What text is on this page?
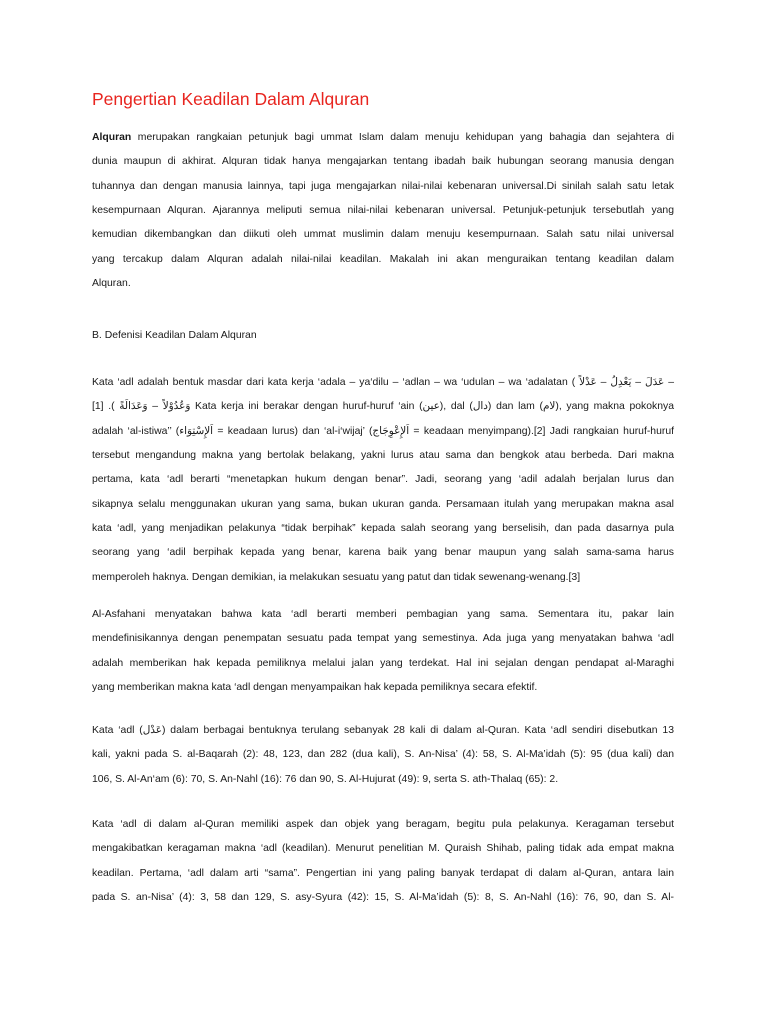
Pengertian Keadilan Dalam Alquran
Alquran merupakan rangkaian petunjuk bagi ummat Islam dalam menuju kehidupan yang bahagia dan sejahtera di
dunia maupun di akhirat. Alquran tidak hanya mengajarkan tentang ibadah baik hubungan seorang manusia dengan
tuhannya dan dengan manusia lainnya, tapi juga mengajarkan nilai-nilai kebenaran universal.Di sinilah salah satu letak
kesempurnaan Alquran. Ajarannya meliputi semua nilai-nilai kebenaran universal. Petunjuk-petunjuk tersebutlah yang
kemudian dikembangkan dan diikuti oleh ummat muslimin dalam menuju kesempurnaan. Salah satu nilai universal
yang tercakup dalam Alquran adalah nilai-nilai keadilan. Makalah ini akan menguraikan tentang keadilan dalam
Alquran.
B. Defenisi Keadilan Dalam Alquran
Kata ‘adl adalah bentuk masdar dari kata kerja ‘adala – ya‘dilu – ‘adlan – wa ‘udulan – wa ‘adalatan ( عَدَلَ – يَعْدِلُ – عَدْلاً –
وَعُدُوْلاً – وَعَدَالَةً ). [1] Kata kerja ini berakar dengan huruf-huruf ‘ain (عين), dal (دال) dan lam (لام), yang makna pokoknya
adalah ‘al-istiwa’’ (اَلإِسْتِوَاء = keadaan lurus) dan ‘al-i‘wijaj’ (اَلإِعْوِجَاج = keadaan menyimpang).[2] Jadi rangkaian huruf-huruf
tersebut mengandung makna yang bertolak belakang, yakni lurus atau sama dan bengkok atau berbeda. Dari makna
pertama, kata ‘adl berarti “menetapkan hukum dengan benar”. Jadi, seorang yang ‘adil adalah berjalan lurus dan
sikapnya selalu menggunakan ukuran yang sama, bukan ukuran ganda. Persamaan itulah yang merupakan makna asal
kata ‘adl, yang menjadikan pelakunya “tidak berpihak” kepada salah seorang yang berselisih, dan pada dasarnya pula
seorang yang ‘adil berpihak kepada yang benar, karena baik yang benar maupun yang salah sama-sama harus
memperoleh haknya. Dengan demikian, ia melakukan sesuatu yang patut dan tidak sewenang-wenang.[3]
Al-Asfahani menyatakan bahwa kata ‘adl berarti memberi pembagian yang sama. Sementara itu, pakar lain
mendefinisikannya dengan penempatan sesuatu pada tempat yang semestinya. Ada juga yang menyatakan bahwa ‘adl
adalah memberikan hak kepada pemiliknya melalui jalan yang terdekat. Hal ini sejalan dengan pendapat al-Maraghi
yang memberikan makna kata ‘adl dengan menyampaikan hak kepada pemiliknya secara efektif.
Kata ‘adl (عَدْل) dalam berbagai bentuknya terulang sebanyak 28 kali di dalam al-Quran. Kata ‘adl sendiri disebutkan 13
kali, yakni pada S. al-Baqarah (2): 48, 123, dan 282 (dua kali), S. An-Nisa’ (4): 58, S. Al-Ma’idah (5): 95 (dua kali) dan
106, S. Al-An‘am (6): 70, S. An-Nahl (16): 76 dan 90, S. Al-Hujurat (49): 9, serta S. ath-Thalaq (65): 2.
Kata ‘adl di dalam al-Quran memiliki aspek dan objek yang beragam, begitu pula pelakunya. Keragaman tersebut
mengakibatkan keragaman makna ‘adl (keadilan). Menurut penelitian M. Quraish Shihab, paling tidak ada empat makna
keadilan. Pertama, ‘adl dalam arti “sama”. Pengertian ini yang paling banyak terdapat di dalam al-Quran, antara lain
pada S. an-Nisa’ (4): 3, 58 dan 129, S. asy-Syura (42): 15, S. Al-Ma’idah (5): 8, S. An-Nahl (16): 76, 90, dan S. Al-
